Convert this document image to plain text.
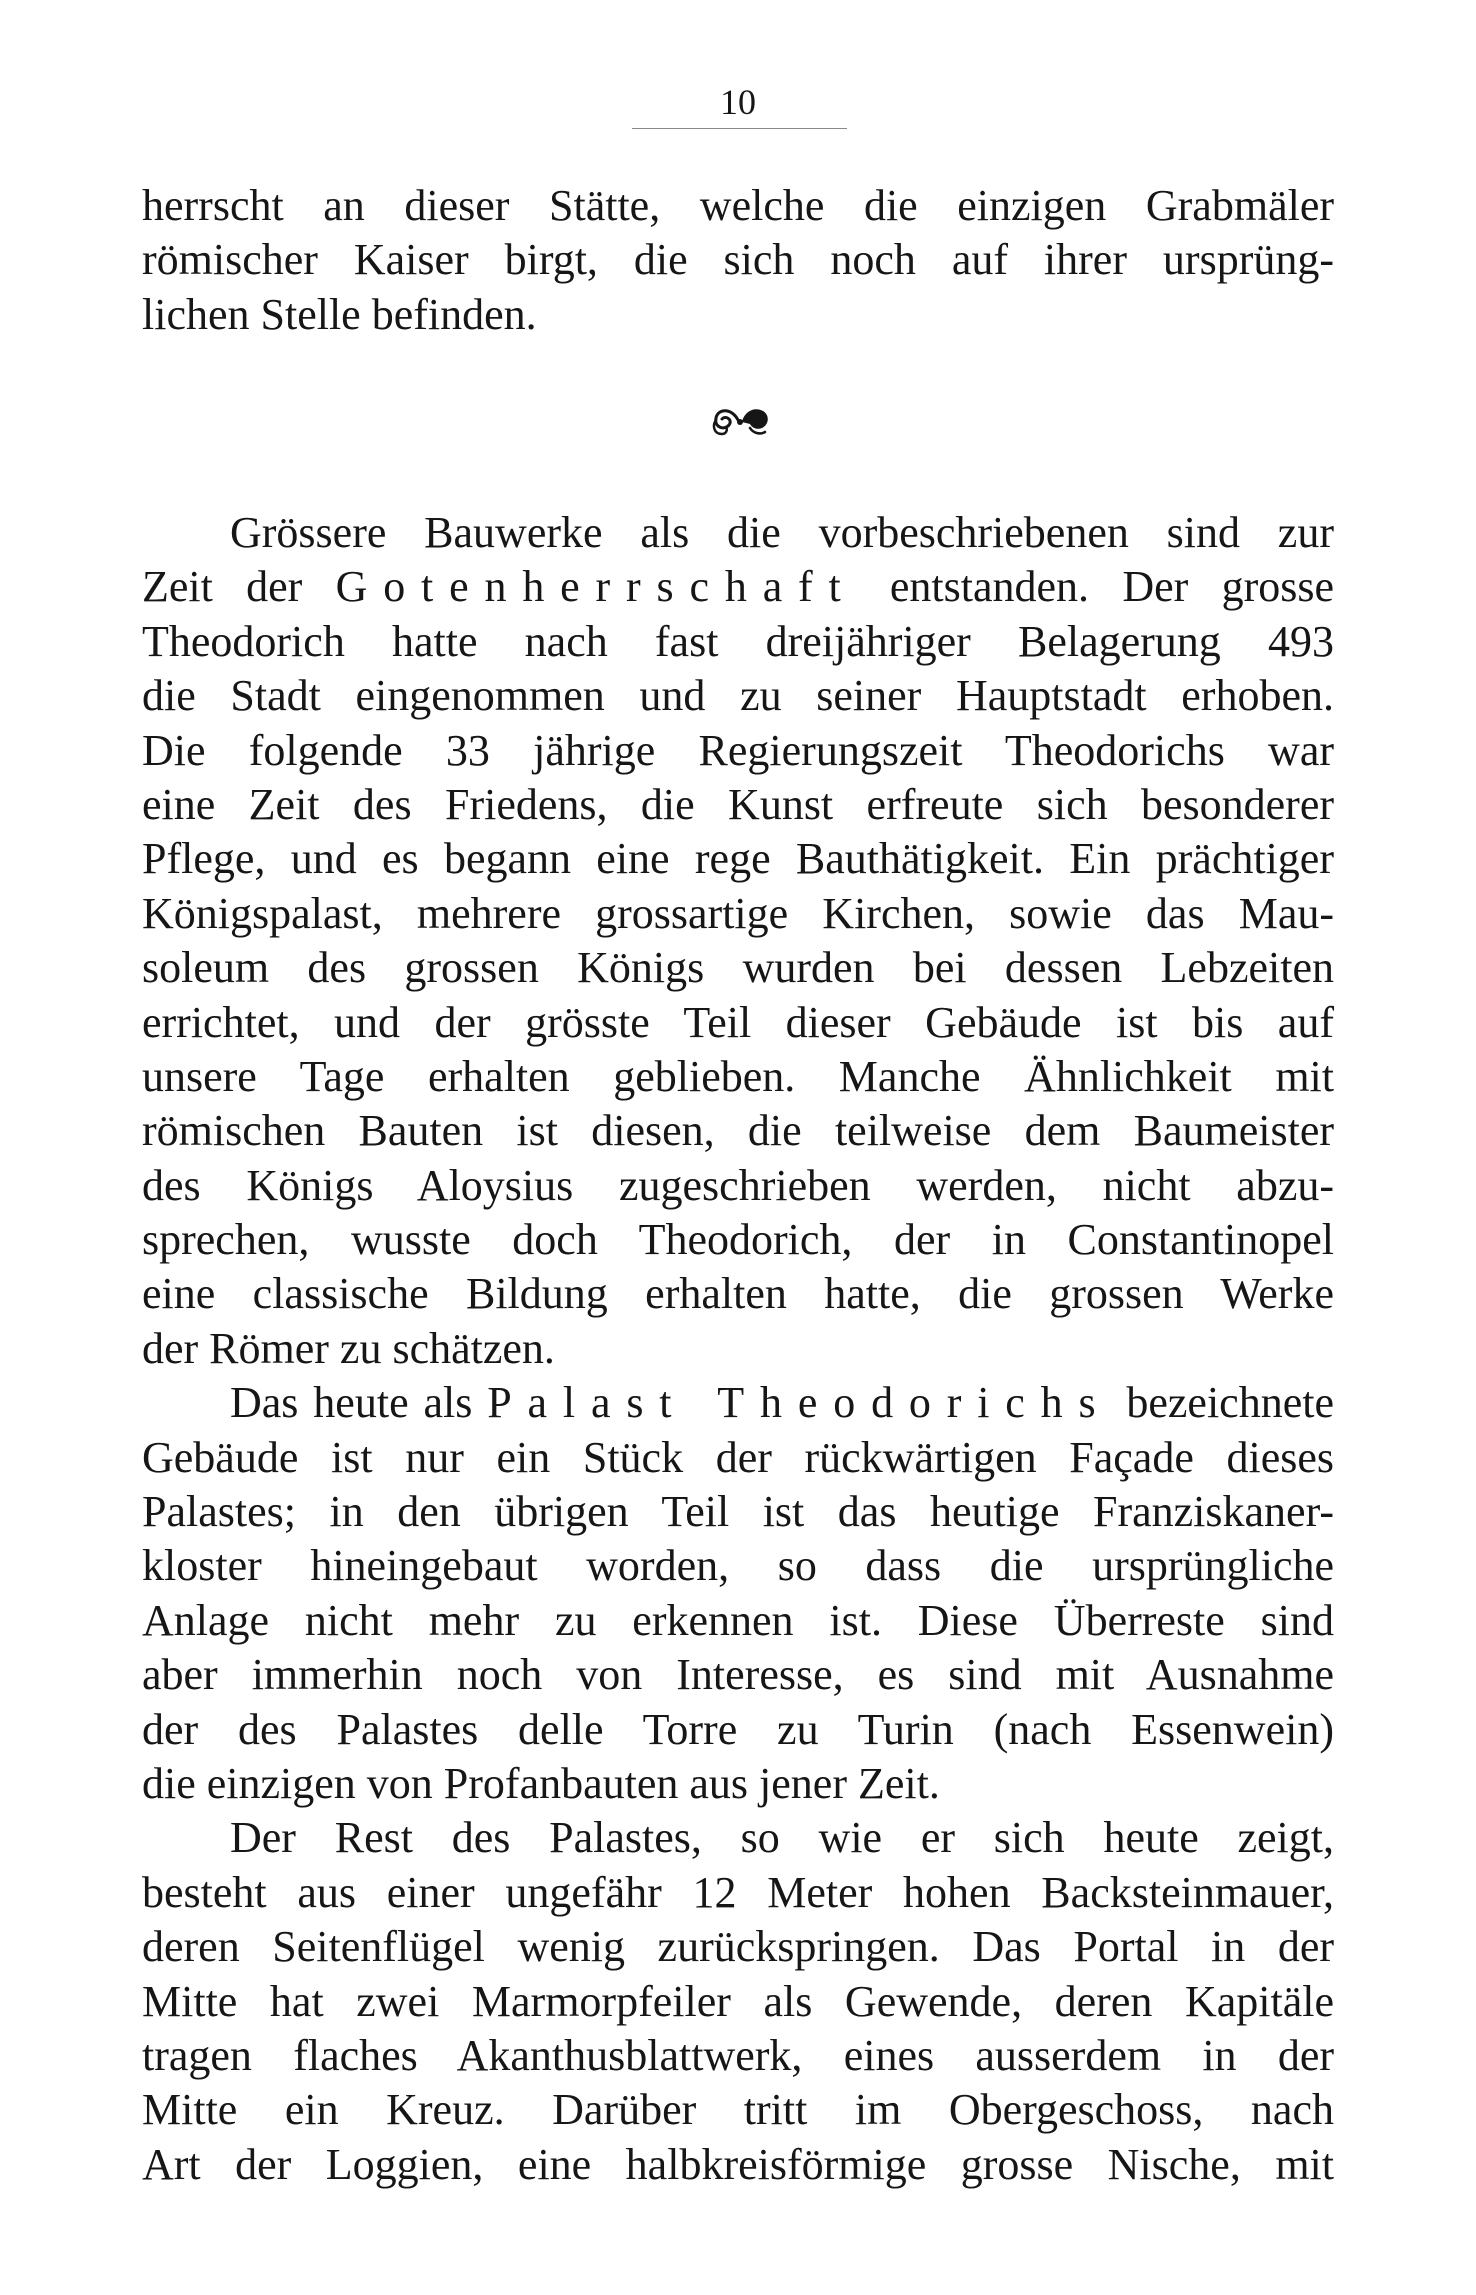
10
herrscht an dieser Stätte, welche die einzigen Grabmäler
römischer Kaiser birgt, die sich noch auf ihrer ursprüng-
lichen Stelle befinden.
Grössere Bauwerke als die vorbeschriebenen sind zur
Zeit der Gotenherrschaft entstanden. Der grosse
Theodorich hatte nach fast dreijähriger Belagerung 493
die Stadt eingenommen und zu seiner Hauptstadt erhoben.
Die folgende 33 jährige Regierungszeit Theodorichs war
eine Zeit des Friedens, die Kunst erfreute sich besonderer
Pflege, und es begann eine rege Bauthätigkeit. Ein prächtiger
Königspalast, mehrere grossartige Kirchen, sowie das Mau-
soleum des grossen Königs wurden bei dessen Lebzeiten
errichtet, und der grösste Teil dieser Gebäude ist bis auf
unsere Tage erhalten geblieben. Manche Ähnlichkeit mit
römischen Bauten ist diesen, die teilweise dem Baumeister
des Königs Aloysius zugeschrieben werden, nicht abzu-
sprechen, wusste doch Theodorich, der in Constantinopel
eine classische Bildung erhalten hatte, die grossen Werke
der Römer zu schätzen.
Das heute als Palast Theodorichs bezeichnete
Gebäude ist nur ein Stück der rückwärtigen Façade dieses
Palastes; in den übrigen Teil ist das heutige Franziskaner-
kloster hineingebaut worden, so dass die ursprüngliche
Anlage nicht mehr zu erkennen ist. Diese Überreste sind
aber immerhin noch von Interesse, es sind mit Ausnahme
der des Palastes delle Torre zu Turin (nach Essenwein)
die einzigen von Profanbauten aus jener Zeit.
Der Rest des Palastes, so wie er sich heute zeigt,
besteht aus einer ungefähr 12 Meter hohen Backsteinmauer,
deren Seitenflügel wenig zurückspringen. Das Portal in der
Mitte hat zwei Marmorpfeiler als Gewende, deren Kapitäle
tragen flaches Akanthusblattwerk, eines ausserdem in der
Mitte ein Kreuz. Darüber tritt im Obergeschoss, nach
Art der Loggien, eine halbkreisförmige grosse Nische, mit
